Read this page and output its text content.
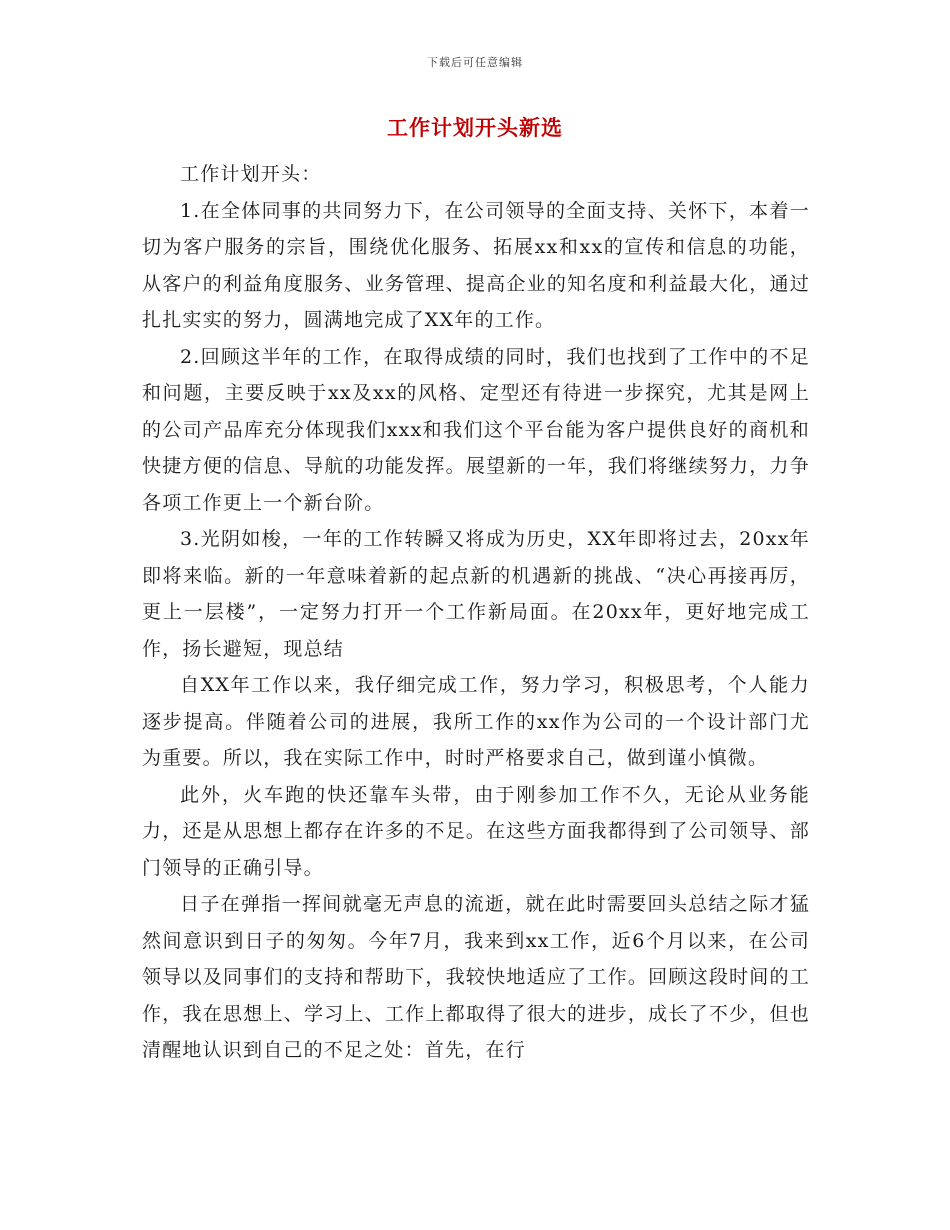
下载后可任意编辑
工作计划开头新选

工作计划开头：

1.在全体同事的共同努力下，在公司领导的全面支持、关怀下，本着一切为客户服务的宗旨，围绕优化服务、拓展xx和xx的宣传和信息的功能，从客户的利益角度服务、业务管理、提高企业的知名度和利益最大化，通过扎扎实实的努力，圆满地完成了XX年的工作。

2.回顾这半年的工作，在取得成绩的同时，我们也找到了工作中的不足和问题，主要反映于xx及xx的风格、定型还有待进一步探究，尤其是网上的公司产品库充分体现我们xxx和我们这个平台能为客户提供良好的商机和快捷方便的信息、导航的功能发挥。展望新的一年，我们将继续努力，力争各项工作更上一个新台阶。

3.光阴如梭，一年的工作转瞬又将成为历史，XX年即将过去，20xx年即将来临。新的一年意味着新的起点新的机遇新的挑战、“决心再接再厉，更上一层楼”，一定努力打开一个工作新局面。在20xx年，更好地完成工作，扬长避短，现总结

自XX年工作以来，我仔细完成工作，努力学习，积极思考，个人能力逐步提高。伴随着公司的进展，我所工作的xx作为公司的一个设计部门尤为重要。所以，我在实际工作中，时时严格要求自己，做到谨小慎微。

此外，火车跑的快还靠车头带，由于刚参加工作不久，无论从业务能力，还是从思想上都存在许多的不足。在这些方面我都得到了公司领导、部门领导的正确引导。

日子在弹指一挥间就毫无声息的流逝，就在此时需要回头总结之际才猛然间意识到日子的匆匆。今年7月，我来到xx工作，近6个月以来，在公司领导以及同事们的支持和帮助下，我较快地适应了工作。回顾这段时间的工作，我在思想上、学习上、工作上都取得了很大的进步，成长了不少，但也清醒地认识到自己的不足之处：首先，在行
